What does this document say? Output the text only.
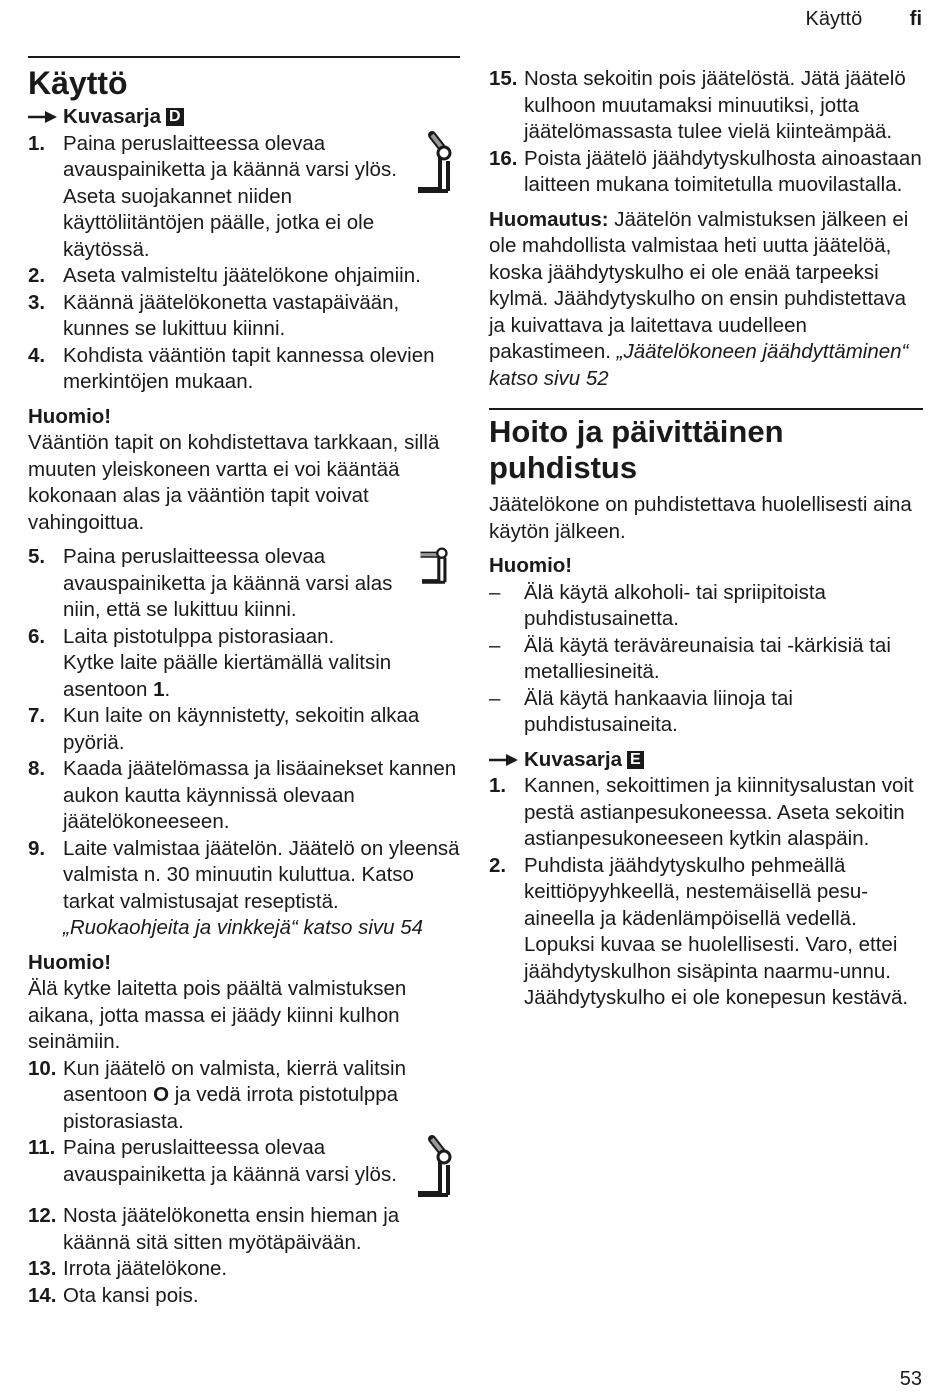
Käyttö fi
Käyttö
Kuvasarja D
1. Paina peruslaitteessa olevaa avauspainiketta ja käännä varsi ylös. Aseta suojakannet niiden käyttöliitäntöjen päälle, jotka ei ole käytössä.
2. Aseta valmisteltu jäätelökone ohjaimiin.
3. Käännä jäätelökonetta vastapäivään, kunnes se lukittuu kiinni.
4. Kohdista vääntiön tapit kannessa olevien merkintöjen mukaan.
Huomio!
Vääntiön tapit on kohdistettava tarkkaan, sillä muuten yleiskoneen vartta ei voi kääntää kokonaan alas ja vääntiön tapit voivat vahingoittua.
5. Paina peruslaitteessa olevaa avauspainiketta ja käännä varsi alas niin, että se lukittuu kiinni.
6. Laita pistotulppa pistorasiaan.
Kytke laite päälle kiertämällä valitsin asentoon 1.
7. Kun laite on käynnistetty, sekoitin alkaa pyöriä.
8. Kaada jäätelömassa ja lisäainekset kannen aukon kautta käynnissä olevaan jäätelökoneeseen.
9. Laite valmistaa jäätelön. Jäätelö on yleensä valmista n. 30 minuutin kuluttua. Katso tarkat valmistusajat reseptistä. „Ruokaohjeita ja vinkkejä“ katso sivu 54
Huomio!
Älä kytke laitetta pois päältä valmistuksen aikana, jotta massa ei jäädy kiinni kulhon seinämiin.
10. Kun jäätelö on valmista, kierrä valitsin asentoon O ja vedä irrota pistotulppa pistorasiasta.
11. Paina peruslaitteessa olevaa avauspainiketta ja käännä varsi ylös.
12. Nosta jäätelökonetta ensin hieman ja käännä sitä sitten myötäpäivään.
13. Irrota jäätelökone.
14. Ota kansi pois.
15. Nosta sekoitin pois jäätelöstä. Jätä jäätelö kulhoon muutamaksi minuutiksi, jotta jäätelömassasta tulee vielä kiinteämpää.
16. Poista jäätelö jäähdytyskulhosta ainoastaan laitteen mukana toimitetulla muovilastalla.
Huomautus: Jäätelön valmistuksen jälkeen ei ole mahdollista valmistaa heti uutta jäätelöä, koska jäähdytyskulho ei ole enää tarpeeksi kylmä. Jäähdytyskulho on ensin puhdistettava ja kuivattava ja laitettava uudelleen pakastimeen. „Jäätelökoneen jäähdyttäminen“ katso sivu 52
Hoito ja päivittäinen puhdistus
Jäätelökone on puhdistettava huolellisesti aina käytön jälkeen.
Huomio!
–	Älä käytä alkoholi- tai spriipitoista puhdistusainetta.
–	Älä käytä teräväreunaisia tai -kärkisiä tai metalliesineitä.
–	Älä käytä hankaavia liinoja tai puhdistusaineita.
Kuvasarja E
1. Kannen, sekoittimen ja kiinnitysalustan voit pestä astianpesukoneessa. Aseta sekoitin astianpesukoneeseen kytkin alaspäin.
2. Puhdista jäähdytyskulho pehmeällä keittiöpyyhkeellä, nestemäisellä pesu-aineella ja kädenlämpöisellä vedellä. Lopuksi kuvaa se huolellisesti. Varo, ettei jäähdytyskulhon sisäpinta naarmu-unnu. Jäähdytyskulho ei ole konepesun kestävä.
53
